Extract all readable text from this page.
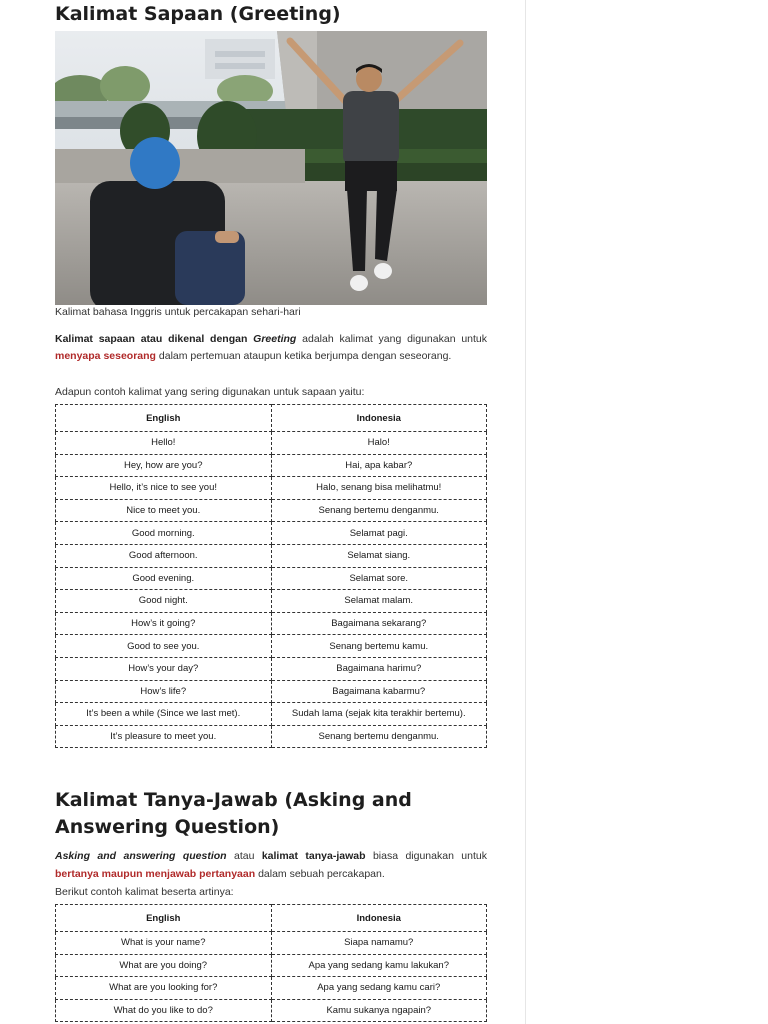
Kalimat Sapaan (Greeting)
Kalimat bahasa Inggris untuk percakapan sehari-hari

Kalimat sapaan atau dikenal dengan Greeting adalah kalimat yang digunakan untuk menyapa seseorang dalam pertemuan ataupun ketika berjumpa dengan seseorang.

Adapun contoh kalimat yang sering digunakan untuk sapaan yaitu:

English	Indonesia
Hello!	Halo!
Hey, how are you?	Hai, apa kabar?
Hello, it’s nice to see you!	Halo, senang bisa melihatmu!
Nice to meet you.	Senang bertemu denganmu.
Good morning.	Selamat pagi.
Good afternoon.	Selamat siang.
Good evening.	Selamat sore.
Good night.	Selamat malam.
How’s it going?	Bagaimana sekarang?
Good to see you.	Senang bertemu kamu.
How’s your day?	Bagaimana harimu?
How’s life?	Bagaimana kabarmu?
It’s been a while (Since we last met).	Sudah lama (sejak kita terakhir bertemu).
It’s pleasure to meet you.	Senang bertemu denganmu.
Kalimat Tanya-Jawab (Asking and Answering Question)

Asking and answering question atau kalimat tanya-jawab biasa digunakan untuk bertanya maupun menjawab pertanyaan dalam sebuah percakapan.

Berikut contoh kalimat beserta artinya:

English	Indonesia
What is your name?	Siapa namamu?
What are you doing?	Apa yang sedang kamu lakukan?
What are you looking for?	Apa yang sedang kamu cari?
What do you like to do?	Kamu sukanya ngapain?
